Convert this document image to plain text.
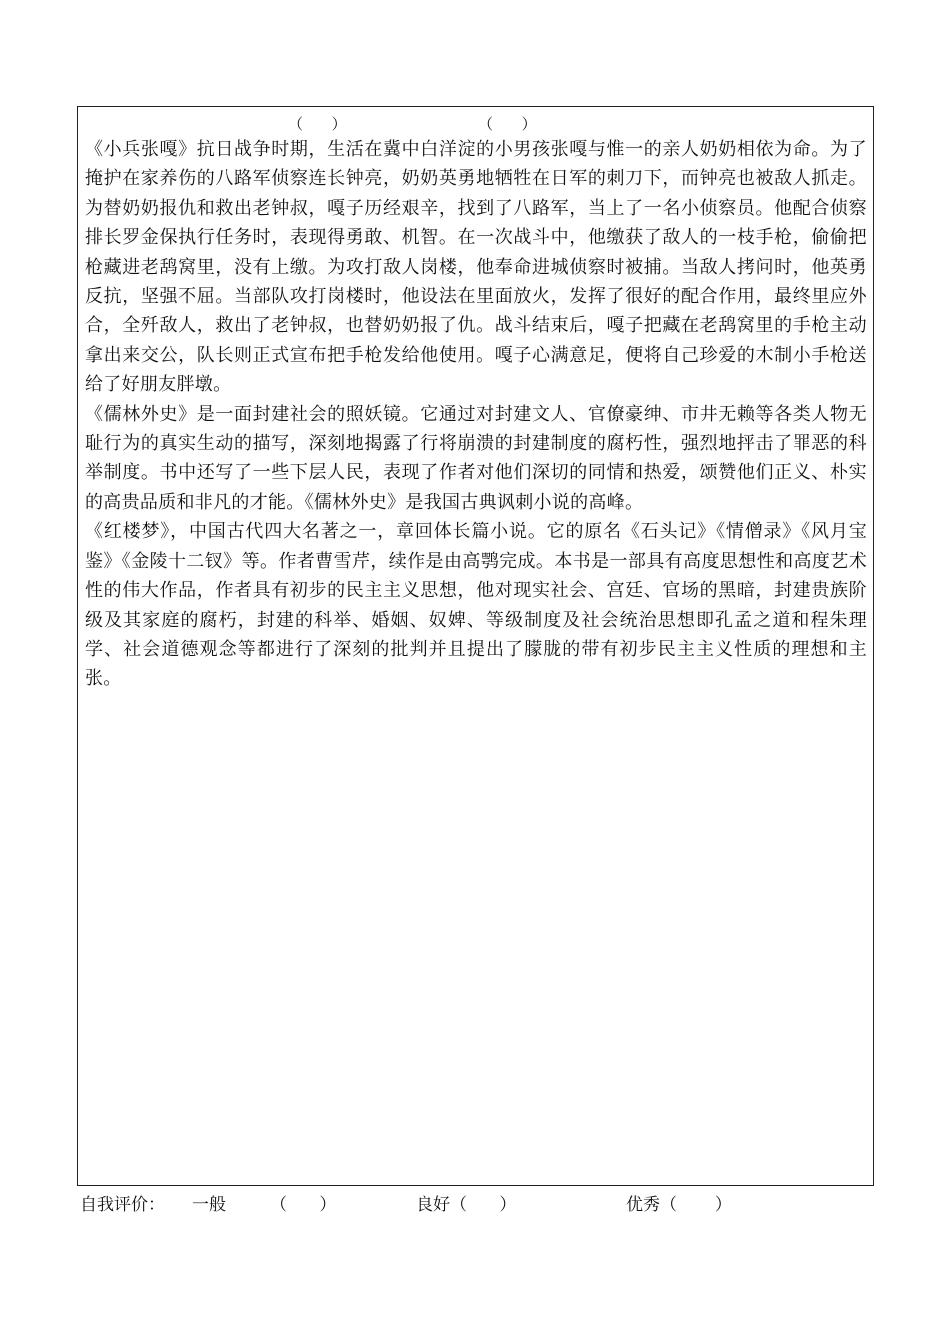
（      ）	（      ）

《小兵张嘎》抗日战争时期，生活在冀中白洋淀的小男孩张嘎与惟一的亲人奶奶相依为命。为了掩护在家养伤的八路军侦察连长钟亮，奶奶英勇地牺牲在日军的刺刀下，而钟亮也被敌人抓走。为替奶奶报仇和救出老钟叔，嘎子历经艰辛，找到了八路军，当上了一名小侦察员。他配合侦察排长罗金保执行任务时，表现得勇敢、机智。在一次战斗中，他缴获了敌人的一枝手枪，偷偷把枪藏进老鸹窝里，没有上缴。为攻打敌人岗楼，他奉命进城侦察时被捕。当敌人拷问时，他英勇反抗，坚强不屈。当部队攻打岗楼时，他设法在里面放火，发挥了很好的配合作用，最终里应外合，全歼敌人，救出了老钟叔，也替奶奶报了仇。战斗结束后，嘎子把藏在老鸹窝里的手枪主动拿出来交公，队长则正式宣布把手枪发给他使用。嘎子心满意足，便将自己珍爱的木制小手枪送给了好朋友胖墩。

《儒林外史》是一面封建社会的照妖镜。它通过对封建文人、官僚豪绅、市井无赖等各类人物无耻行为的真实生动的描写，深刻地揭露了行将崩溃的封建制度的腐朽性，强烈地抨击了罪恶的科举制度。书中还写了一些下层人民，表现了作者对他们深切的同情和热爱，颂赞他们正义、朴实的高贵品质和非凡的才能。《儒林外史》是我国古典讽刺小说的高峰。

《红楼梦》，中国古代四大名著之一，章回体长篇小说。它的原名《石头记》《情僧录》《风月宝鉴》《金陵十二钗》等。作者曹雪芹，续作是由高鹗完成。本书是一部具有高度思想性和高度艺术性的伟大作品，作者具有初步的民主主义思想，他对现实社会、宫廷、官场的黑暗，封建贵族阶级及其家庭的腐朽，封建的科举、婚姻、奴婢、等级制度及社会统治思想即孔孟之道和程朱理学、社会道德观念等都进行了深刻的批判并且提出了朦胧的带有初步民主主义性质的理想和主张。

自我评价： 一般	（      ）	良好（      ）	优秀（       ）
